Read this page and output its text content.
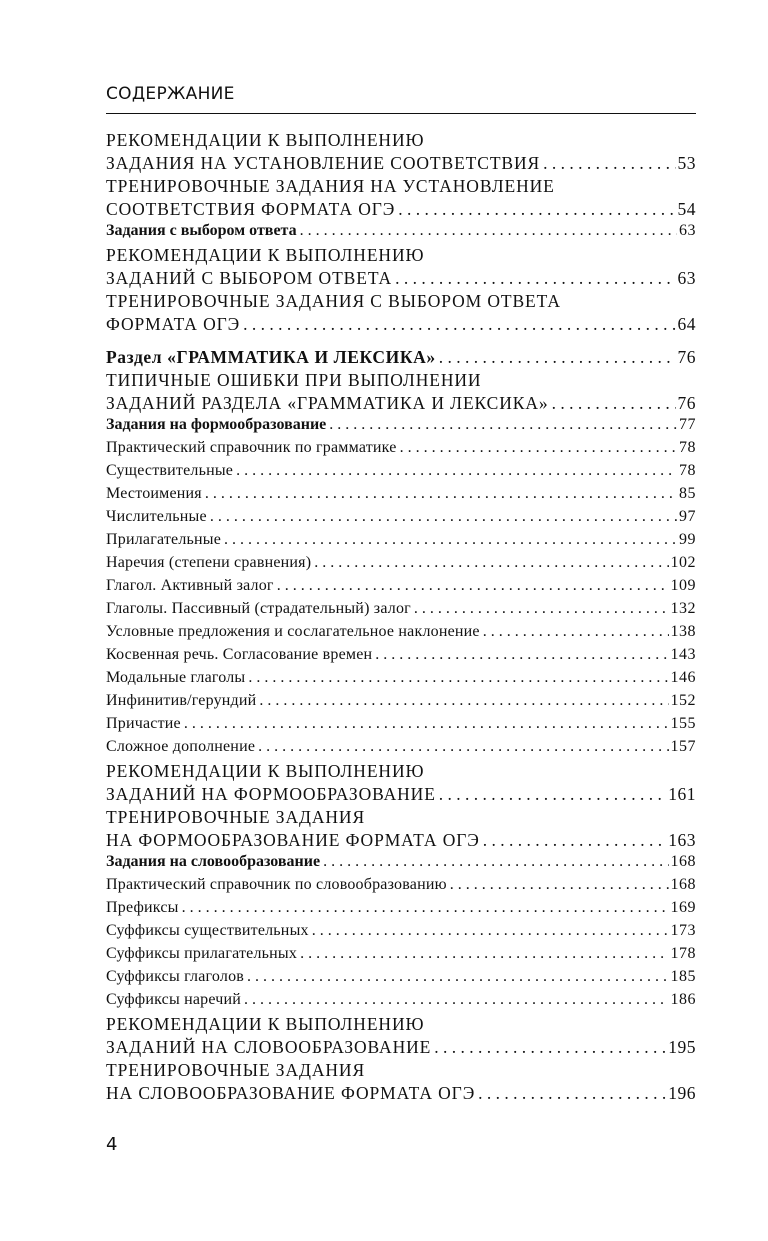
СОДЕРЖАНИЕ
РЕКОМЕНДАЦИИ К ВЫПОЛНЕНИЮ
ЗАДАНИЯ НА УСТАНОВЛЕНИЕ СООТВЕТСТВИЯ . . .	53
ТРЕНИРОВОЧНЫЕ ЗАДАНИЯ НА УСТАНОВЛЕНИЕ
СООТВЕТСТВИЯ ФОРМАТА ОГЭ . . .	54
Задания с выбором ответа . . .	63
РЕКОМЕНДАЦИИ К ВЫПОЛНЕНИЮ
ЗАДАНИЙ С ВЫБОРОМ ОТВЕТА . . .	63
ТРЕНИРОВОЧНЫЕ ЗАДАНИЯ С ВЫБОРОМ ОТВЕТА
ФОРМАТА ОГЭ . . .	64
Раздел «ГРАММАТИКА И ЛЕКСИКА» . . .	76
ТИПИЧНЫЕ ОШИБКИ ПРИ ВЫПОЛНЕНИИ
ЗАДАНИЙ РАЗДЕЛА «ГРАММАТИКА И ЛЕКСИКА» . . .	76
Задания на формообразование . . .	77
Практический справочник по грамматике . . .	78
Существительные . . .	78
Местоимения . . .	85
Числительные . . .	97
Прилагательные . . .	99
Наречия (степени сравнения) . . .	102
Глагол. Активный залог . . .	109
Глаголы. Пассивный (страдательный) залог . . .	132
Условные предложения и сослагательное наклонение . . .	138
Косвенная речь. Согласование времен . . .	143
Модальные глаголы . . .	146
Инфинитив/герундий . . .	152
Причастие . . .	155
Сложное дополнение . . .	157
РЕКОМЕНДАЦИИ К ВЫПОЛНЕНИЮ
ЗАДАНИЙ НА ФОРМООБРАЗОВАНИЕ . . .	161
ТРЕНИРОВОЧНЫЕ ЗАДАНИЯ
НА ФОРМООБРАЗОВАНИЕ ФОРМАТА ОГЭ . . .	163
Задания на словообразование . . .	168
Практический справочник по словообразованию . . .	168
Префиксы . . .	169
Суффиксы существительных . . .	173
Суффиксы прилагательных . . .	178
Суффиксы глаголов . . .	185
Суффиксы наречий . . .	186
РЕКОМЕНДАЦИИ К ВЫПОЛНЕНИЮ
ЗАДАНИЙ НА СЛОВООБРАЗОВАНИЕ . . .	195
ТРЕНИРОВОЧНЫЕ ЗАДАНИЯ
НА СЛОВООБРАЗОВАНИЕ ФОРМАТА ОГЭ . . .	196
4
